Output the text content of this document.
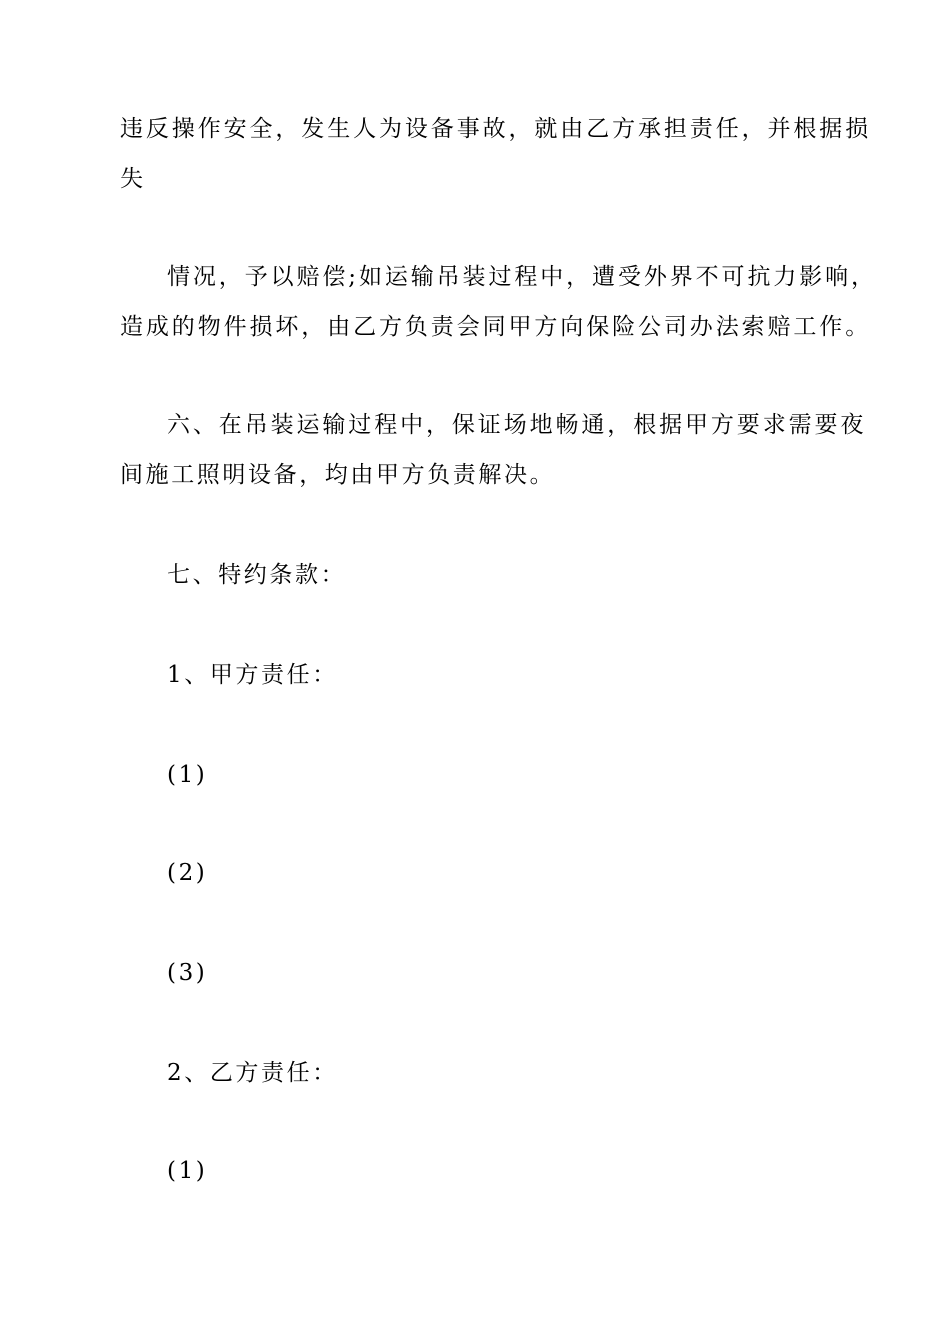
违反操作安全，发生人为设备事故，就由乙方承担责任，并根据损
失
情况，予以赔偿;如运输吊装过程中，遭受外界不可抗力影响，
造成的物件损坏，由乙方负责会同甲方向保险公司办法索赔工作。
六、在吊装运输过程中，保证场地畅通，根据甲方要求需要夜
间施工照明设备，均由甲方负责解决。
七、特约条款：
1、甲方责任：
(1)
(2)
(3)
2、乙方责任：
(1)
